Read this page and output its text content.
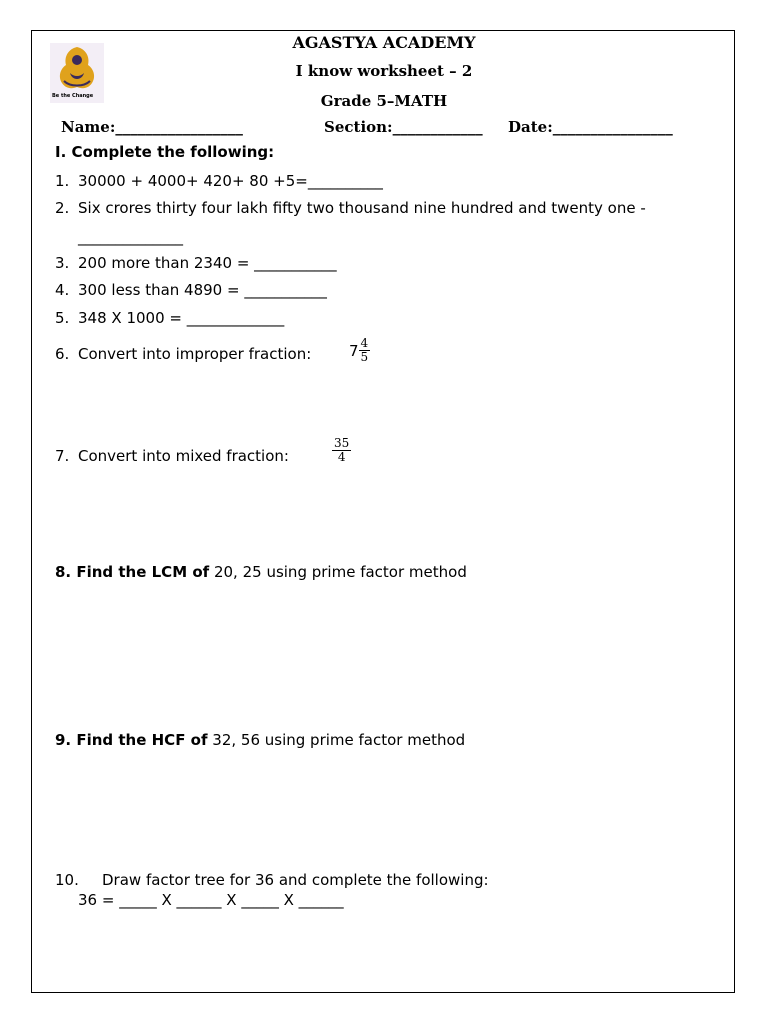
Be the Change
AGASTYA ACADEMY
I know worksheet – 2
Grade 5–MATH
Name:_________________	Section:____________ Date:________________
I. Complete the following:
1. 30000 + 4000+ 420+ 80 +5=__________
2. Six crores thirty four lakh fifty two thousand nine hundred and twenty one -
______________
3. 200 more than 2340 = ___________
4. 300 less than 4890 = ___________
5. 348 X 1000 = _____________
6. Convert into improper fraction:	$7 \frac{4}{5}$
7. Convert into mixed fraction:	$\frac{35}{4}$
8. Find the LCM of 20, 25 using prime factor method
9. Find the HCF of 32, 56 using prime factor method
10. Draw factor tree for 36 and complete the following:
36 = _____ X ______ X _____ X ______
